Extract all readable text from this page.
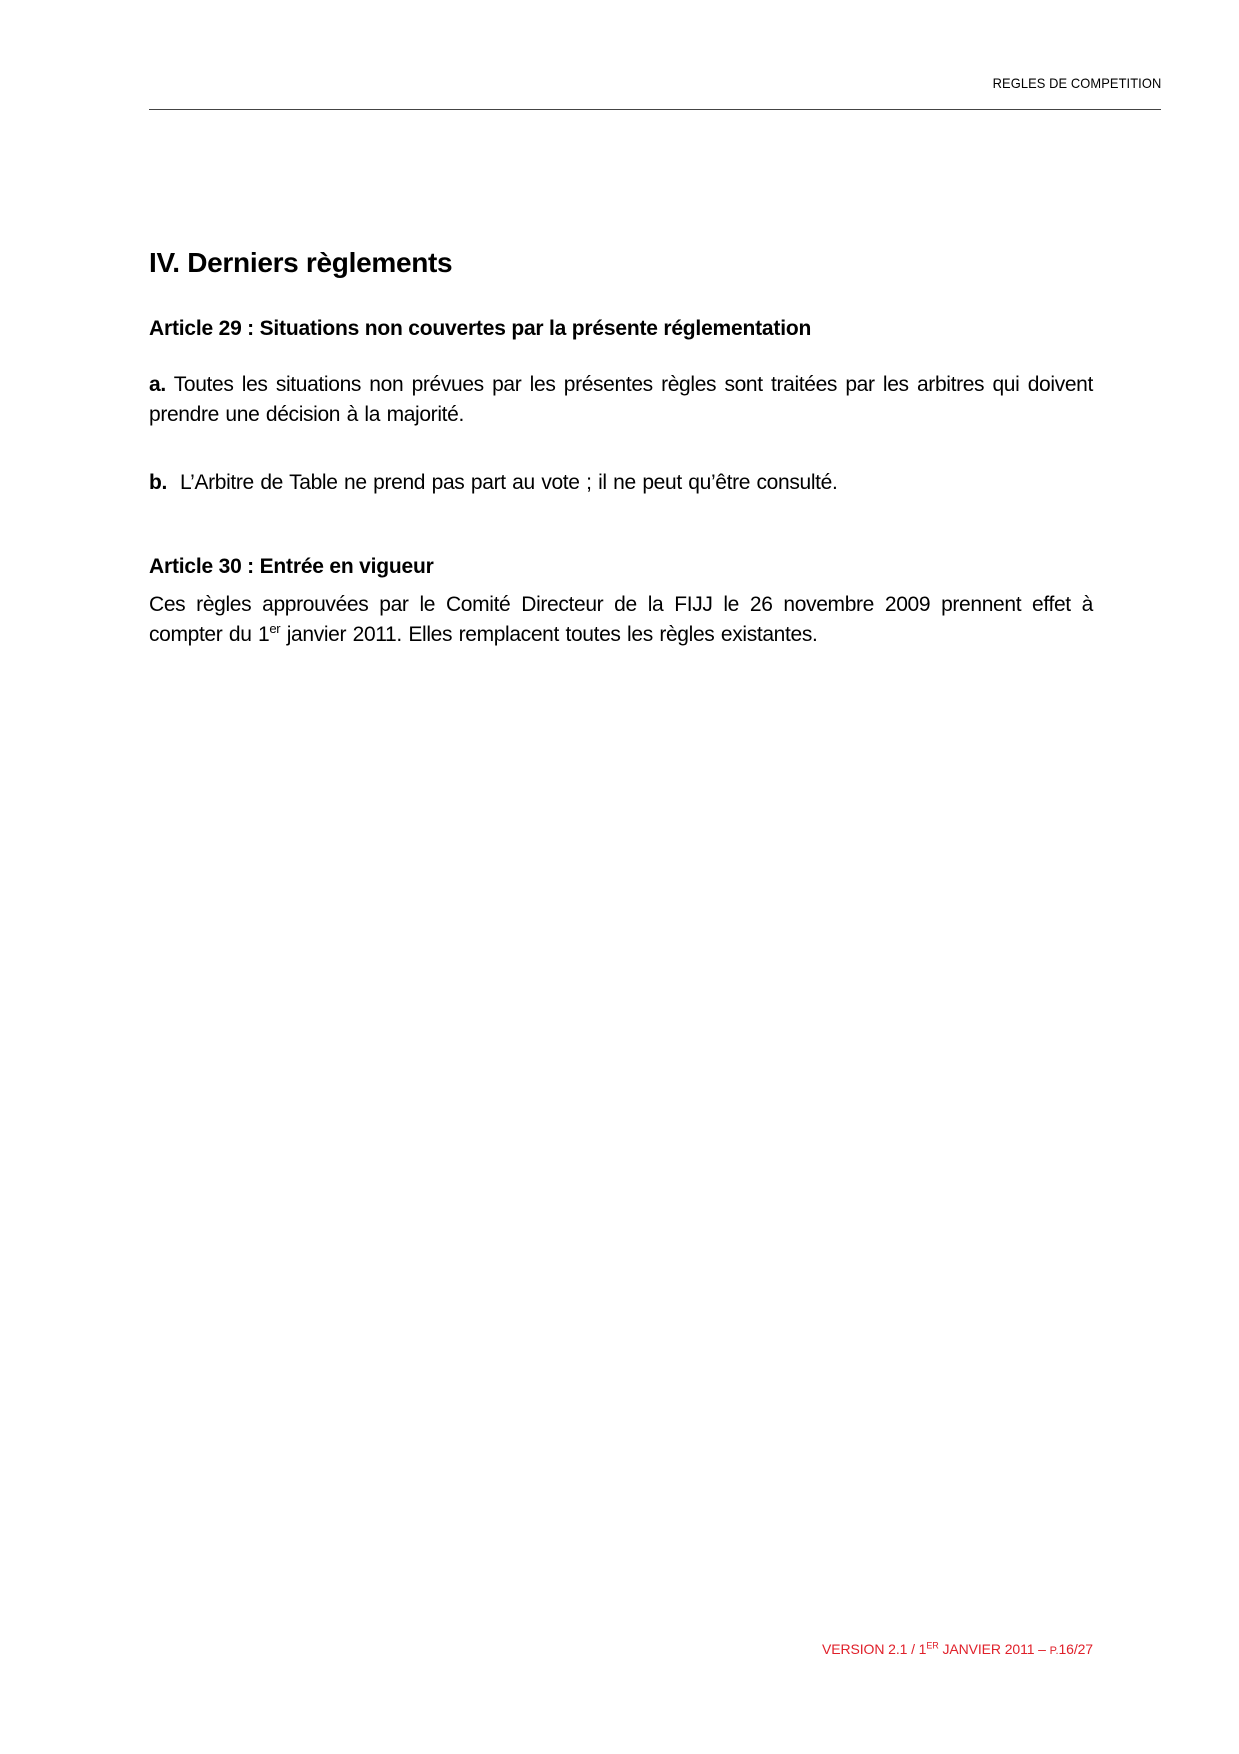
REGLES DE COMPETITION
IV. Derniers règlements
Article 29 : Situations non couvertes par la présente réglementation

a. Toutes les situations non prévues par les présentes règles sont traitées par les arbitres qui doivent prendre une décision à la majorité.

b. L’Arbitre de Table ne prend pas part au vote ; il ne peut qu’être consulté.

Article 30 : Entrée en vigueur

Ces règles approuvées par le Comité Directeur de la FIJJ le 26 novembre 2009 prennent effet à compter du 1er janvier 2011. Elles remplacent toutes les règles existantes.

VERSION 2.1 / 1ER JANVIER 2011 – P.16/27
